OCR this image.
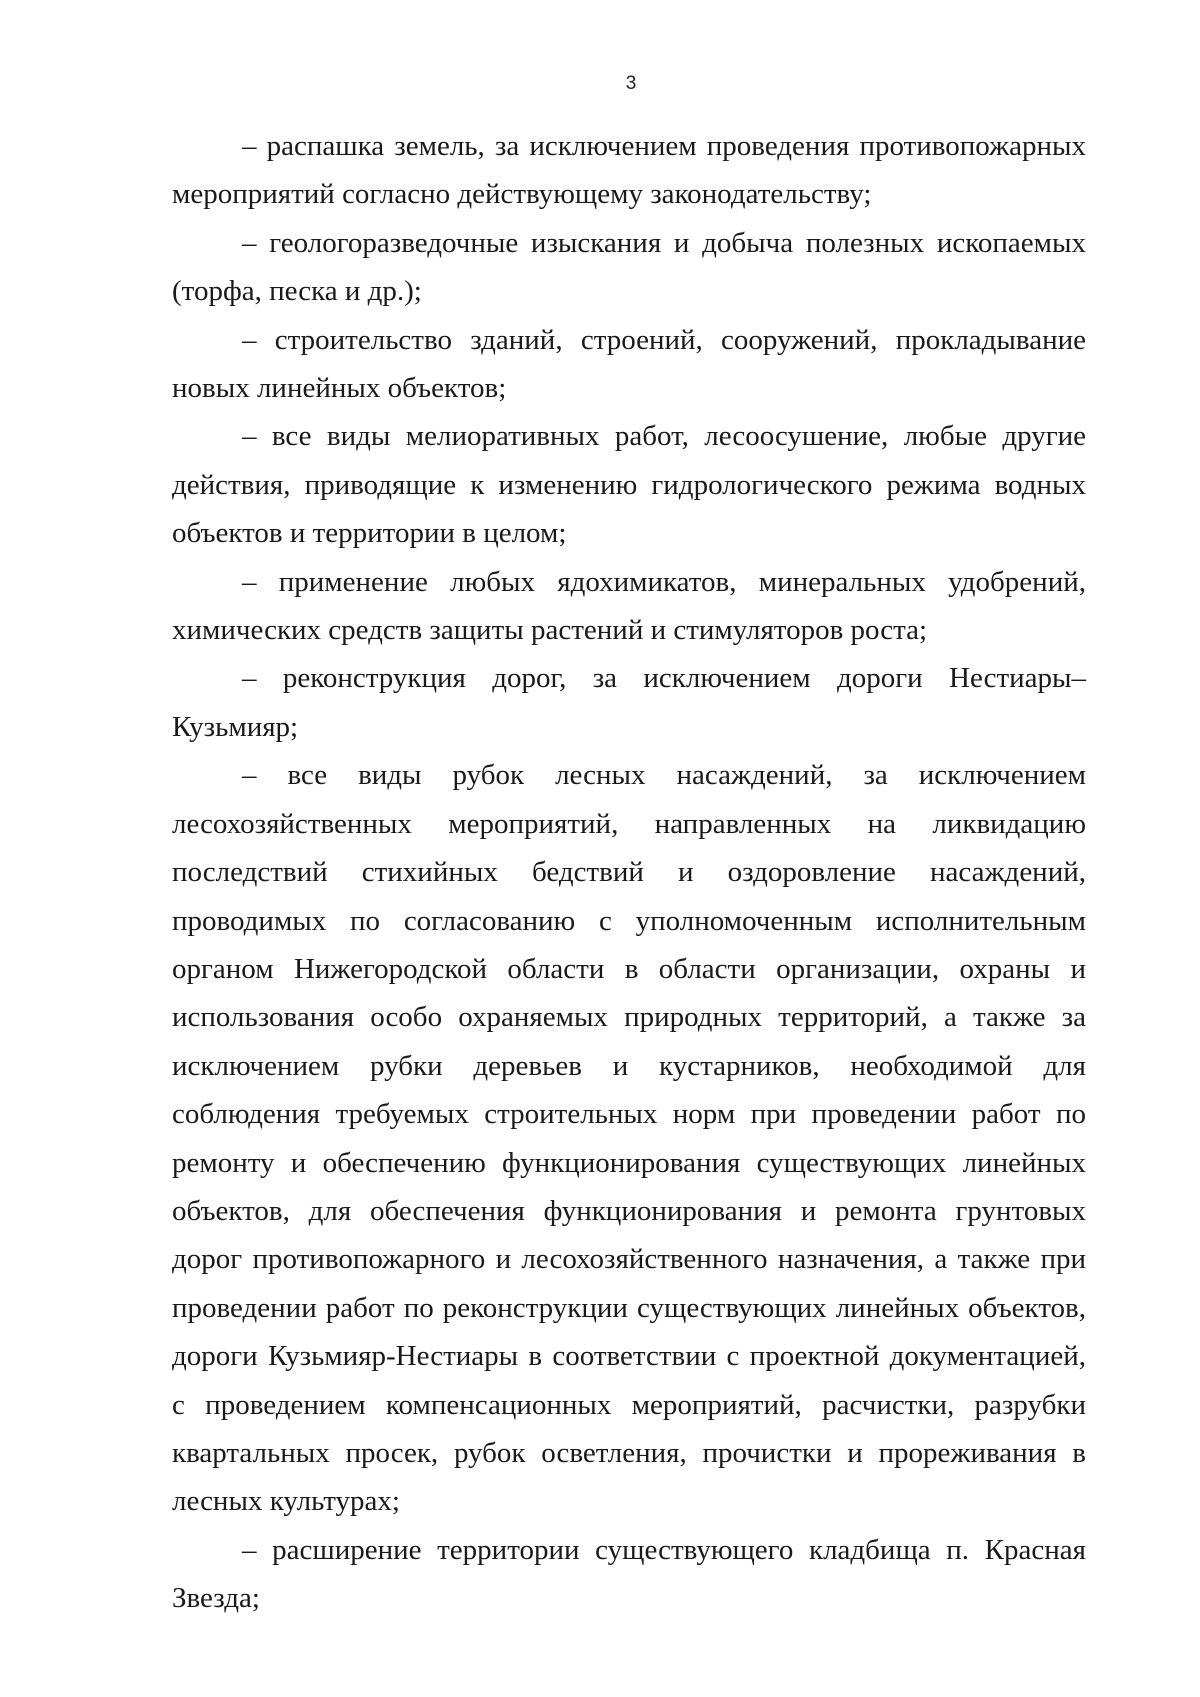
3

– распашка земель, за исключением проведения противопожарных мероприятий согласно действующему законодательству;

– геологоразведочные изыскания и добыча полезных ископаемых (торфа, песка и др.);

– строительство зданий, строений, сооружений, прокладывание новых линейных объектов;

– все виды мелиоративных работ, лесоосушение, любые другие действия, приводящие к изменению гидрологического режима водных объектов и территории в целом;

– применение любых ядохимикатов, минеральных удобрений, химических средств защиты растений и стимуляторов роста;

– реконструкция дорог, за исключением дороги Нестиары–Кузьмияр;

– все виды рубок лесных насаждений, за исключением лесохозяйственных мероприятий, направленных на ликвидацию последствий стихийных бедствий и оздоровление насаждений, проводимых по согласованию с уполномоченным исполнительным органом Нижегородской области в области организации, охраны и использования особо охраняемых природных территорий, а также за исключением рубки деревьев и кустарников, необходимой для соблюдения требуемых строительных норм при проведении работ по ремонту и обеспечению функционирования существующих линейных объектов, для обеспечения функционирования и ремонта грунтовых дорог противопожарного и лесохозяйственного назначения, а также при проведении работ по реконструкции существующих линейных объектов, дороги Кузьмияр-Нестиары в соответствии с проектной документацией, с проведением компенсационных мероприятий, расчистки, разрубки квартальных просек, рубок осветления, прочистки и прореживания в лесных культурах;

– расширение территории существующего кладбища п. Красная Звезда;
